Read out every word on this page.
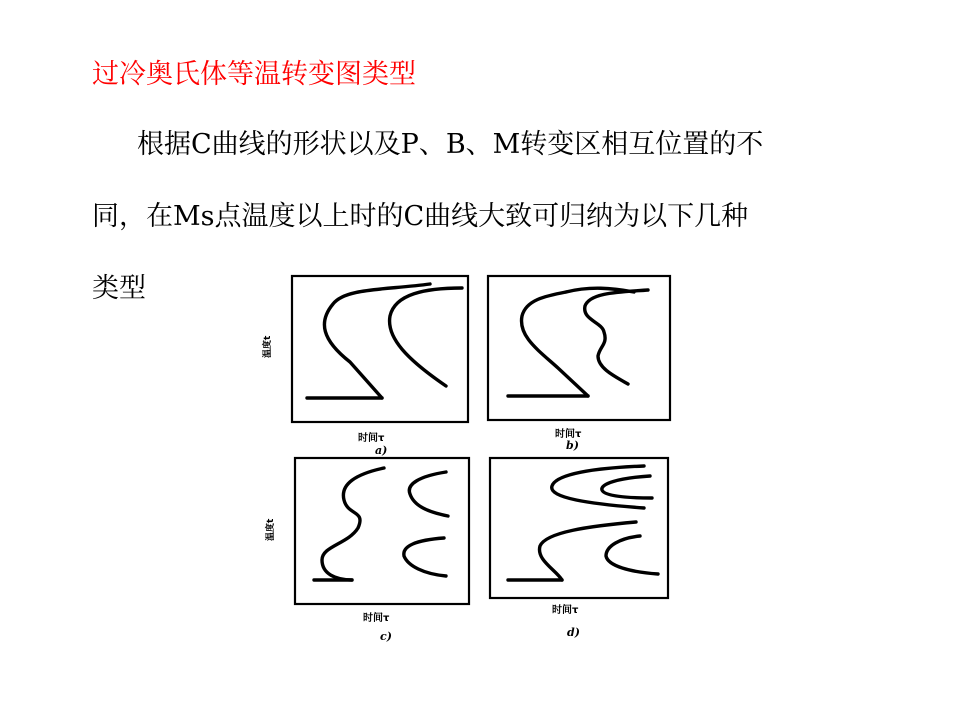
过冷奥氏体等温转变图类型
根据C曲线的形状以及P、B、M转变区相互位置的不
同，在Ms点温度以上时的C曲线大致可归纳为以下几种
类型
温度t
温度t
时间τ
a)
时间τ
b)
时间τ
c)
时间τ
d)
